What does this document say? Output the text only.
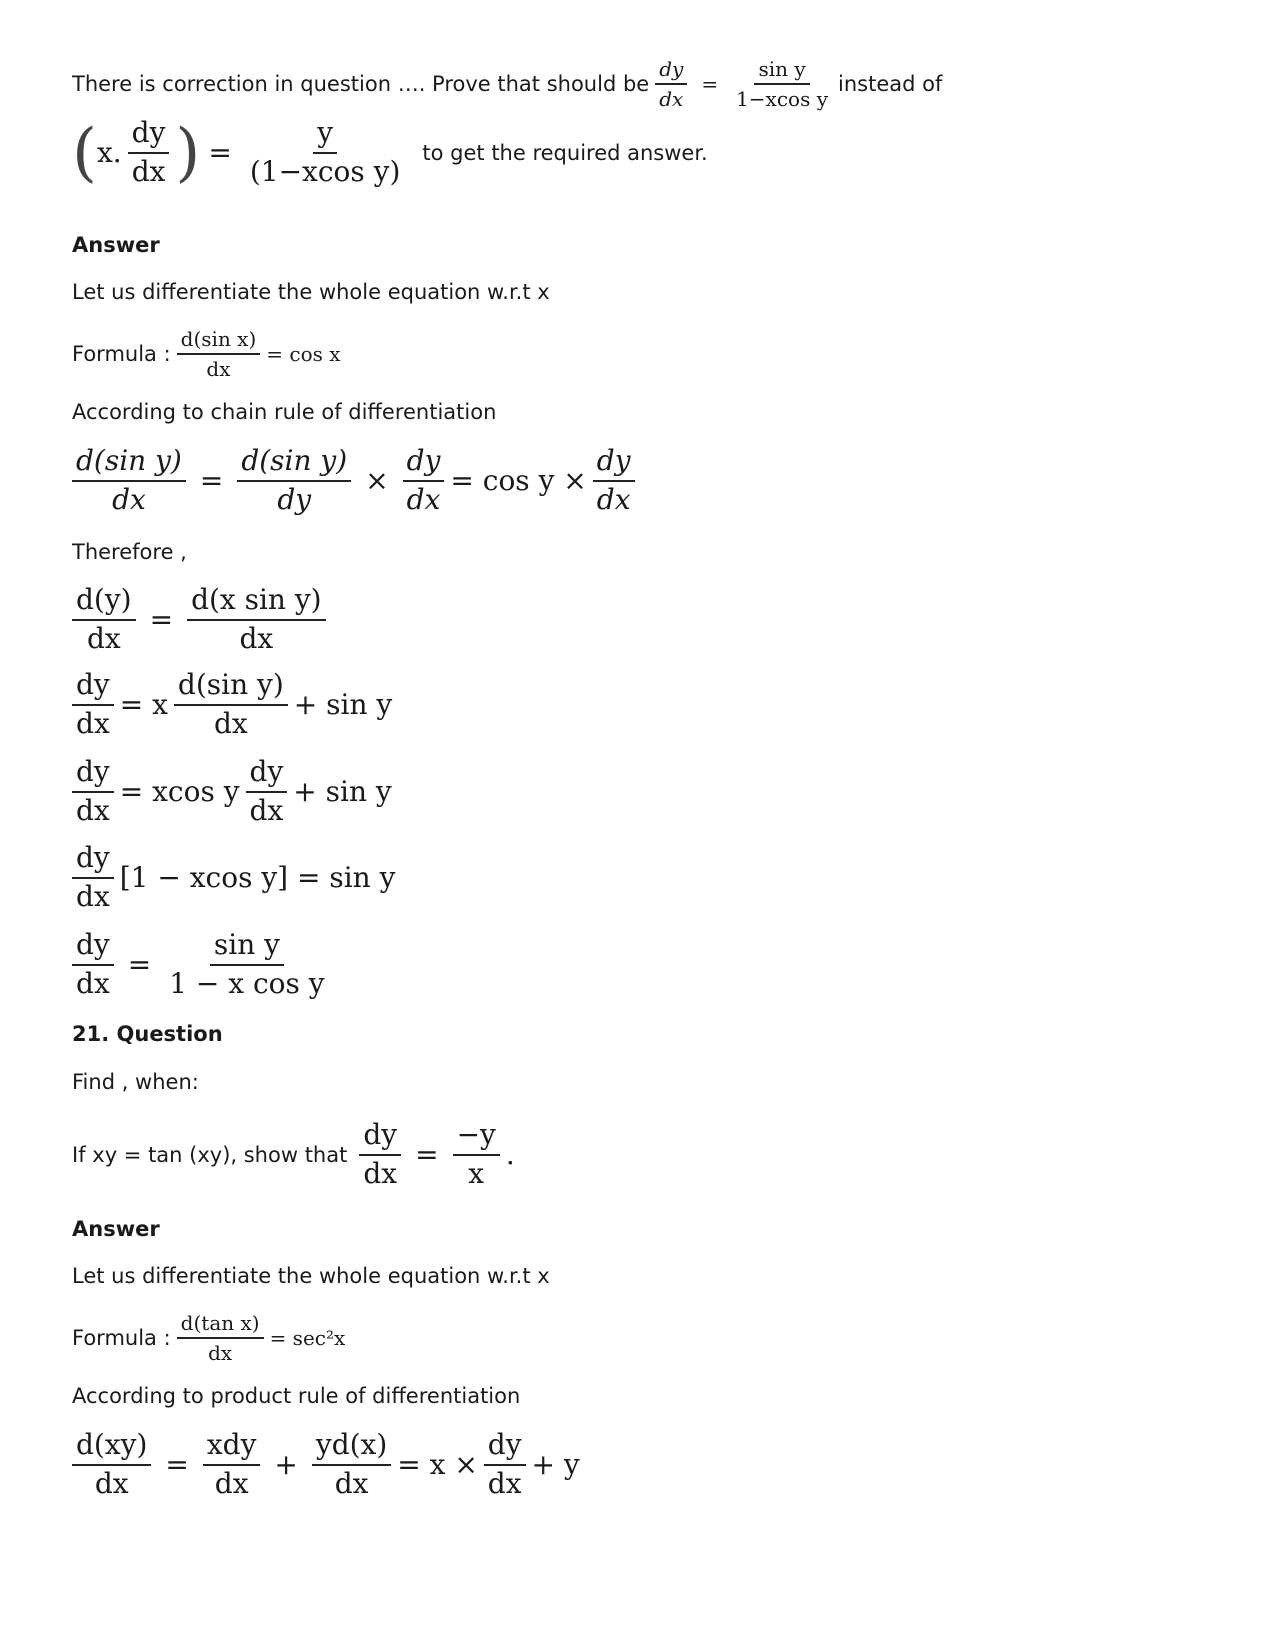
There is correction in question …. Prove that should be $\frac{dy}{dx} = \frac{\text{sin y}}{\text{1−xcos y}}$ instead of
( x.
dy
dx ) = $\frac{y}{\text{(1−xcos y)}}$ to get the required answer.
Answer
Let us differentiate the whole equation w.r.t x
Formula : $\frac{\text{d(sin x)}}{dx} = \cos x$
According to chain rule of differentiation
$\frac{\text{d(sin y)}}{dx} = \frac{\text{d(sin y)}}{dy} \times \frac{dy}{dx} = \cos y \times \frac{dy}{dx}$
Therefore ,
$\frac{d(y)}{dx} = \frac{\text{d(x sin y)}}{dx}$
$\frac{dy}{dx} = x$
d(sin y)
dx
+ sin y
$\frac{dy}{dx} = xcos$ y
dy
dx
+ sin y
dy
dx
[1 − xcos y] = sin y
$\frac{dy}{dx} = \frac{\text{sin y}}{\text{1 − x cos y}}$
21. Question
Find , when:
If xy = tan (xy), show that $\frac{dy}{dx} = \frac{-y}{x}$ .
Answer
Let us differentiate the whole equation w.r.t x
Formula : $\frac{\text{d(tan x)}}{dx} = \sec^2x$
According to product rule of differentiation
$\frac{d(xy)}{dx}$ =
xdy
dx
+ $\frac{yd(x)}{dx} = x \times \frac{dy}{dx} + y$
